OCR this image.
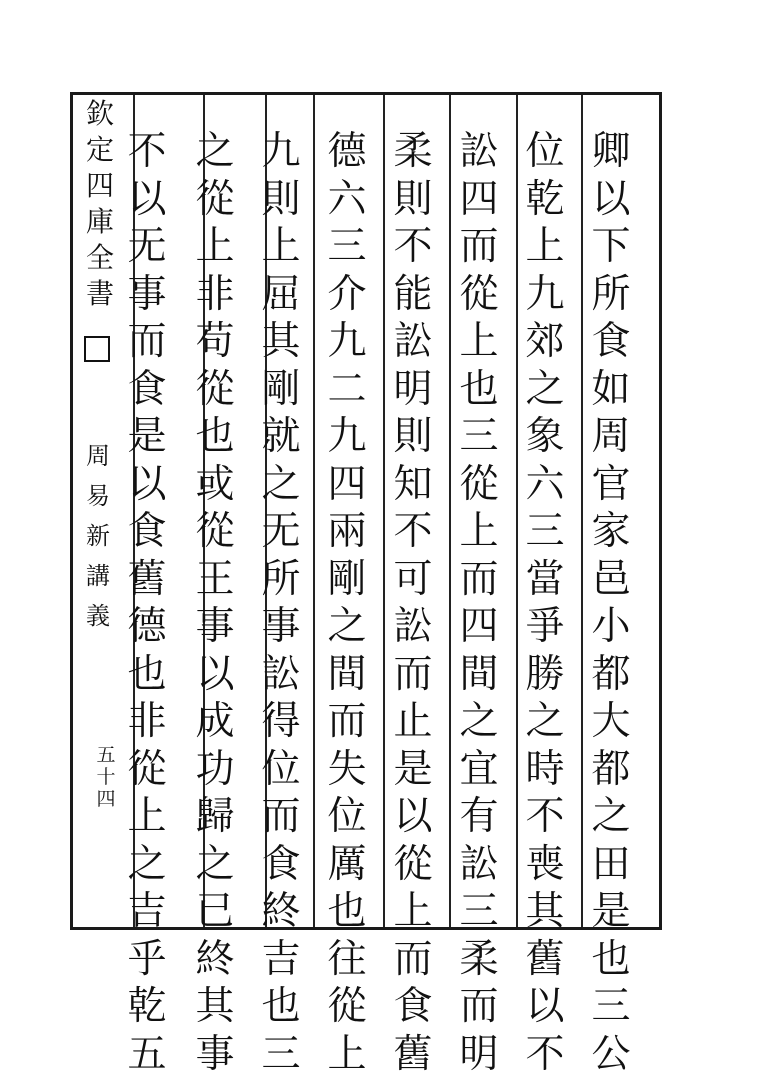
欽
定
四
庫
全
書
周
易
新
講
義
五
十
四
卿
以
下
所
食
如
周
官
家
邑
小
都
大
都
之
田
是
也
三
公
位
乾
上
九
郊
之
象
六
三
當
爭
勝
之
時
不
喪
其
舊
以
不
訟
四
而
從
上
也
三
從
上
而
四
間
之
宜
有
訟
三
柔
而
明
柔
則
不
能
訟
明
則
知
不
可
訟
而
止
是
以
從
上
而
食
舊
德
六
三
介
九
二
九
四
兩
剛
之
間
而
失
位
厲
也
往
從
上
九
則
上
屈
其
剛
就
之
无
所
事
訟
得
位
而
食
終
吉
也
三
之
從
上
非
苟
從
也
或
從
王
事
以
成
功
歸
之
已
終
其
事
不
以
无
事
而
食
是
以
食
舊
德
也
非
從
上
之
吉
乎
乾
五
